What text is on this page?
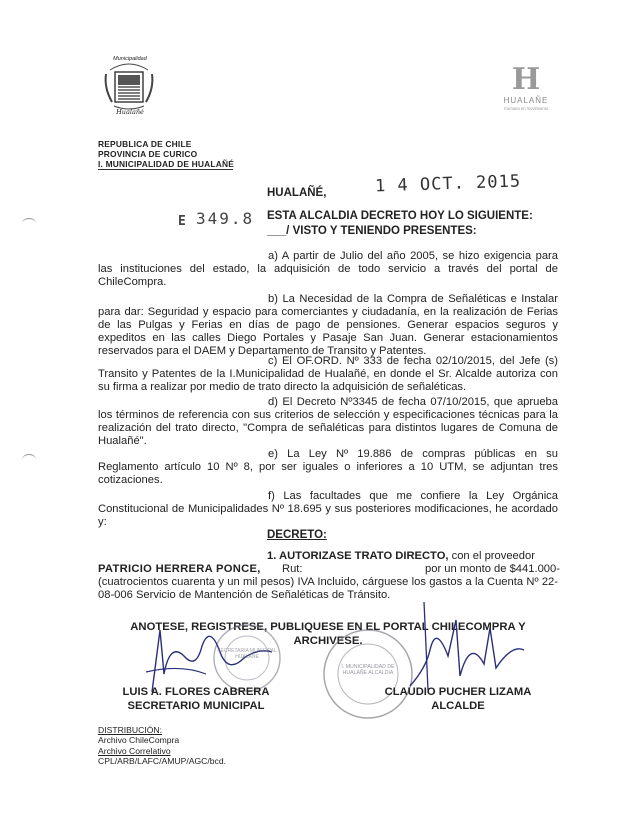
Municipalidad
Hualañé
H
HUALAÑE
Comuna en movimiento
REPUBLICA DE CHILE
PROVINCIA DE CURICO
I. MUNICIPALIDAD DE HUALAÑÉ
HUALAÑÉ,	1 4 OCT. 2015
E 349.8 ESTA ALCALDIA DECRETO HOY LO SIGUIENTE:
___/ VISTO Y TENIENDO PRESENTES:

a) A partir de Julio del año 2005, se hizo exigencia para las instituciones del estado, la adquisición de todo servicio a través del portal de ChileCompra.

b) La Necesidad de la Compra de Señaléticas e Instalar para dar: Seguridad y espacio para comerciantes y ciudadanía, en la realización de Ferias de las Pulgas y Ferias en días de pago de pensiones. Generar espacios seguros y expeditos en las calles Diego Portales y Pasaje San Juan. Generar estacionamientos reservados para el DAEM y Departamento de Transito y Patentes.

c) El OF.ORD. Nº 333 de fecha 02/10/2015, del Jefe (s) Transito y Patentes de la I.Municipalidad de Hualañé, en donde el Sr. Alcalde autoriza con su firma a realizar por medio de trato directo la adquisición de señaléticas.

d) El Decreto Nº3345 de fecha 07/10/2015, que aprueba los términos de referencia con sus criterios de selección y especificaciones técnicas para la realización del trato directo, "Compra de señaléticas para distintos lugares de Comuna de Hualañé".

e) La Ley Nº 19.886 de compras públicas en su Reglamento artículo 10 Nº 8, por ser iguales o inferiores a 10 UTM, se adjuntan tres cotizaciones.

f) Las facultades que me confiere la Ley Orgánica Constitucional de Municipalidades Nº 18.695 y sus posteriores modificaciones, he acordado y:

DECRETO:
1. AUTORIZASE TRATO DIRECTO, con el proveedor
PATRICIO HERRERA PONCE, Rut:	por un monto de $441.000-

(cuatrocientos cuarenta y un mil pesos) IVA Incluido, cárguese los gastos a la Cuenta Nº 22-08-006 Servicio de Mantención de Señaléticas de Tránsito.

ANOTESE, REGISTRESE, PUBLIQUESE EN EL PORTAL CHILECOMPRA Y ARCHIVESE.
LUIS A. FLORES CABRERA
SECRETARIO MUNICIPAL
CLAUDIO PUCHER LIZAMA
ALCALDE
SECRETARIA MUNICIPAL HUALAÑE
I. MUNICIPALIDAD DE HUALAÑE ALCALDIA
DISTRIBUCIÓN:
Archivo ChileCompra
Archivo Correlativo
CPL/ARB/LAFC/AMUP/AGC/bcd.
